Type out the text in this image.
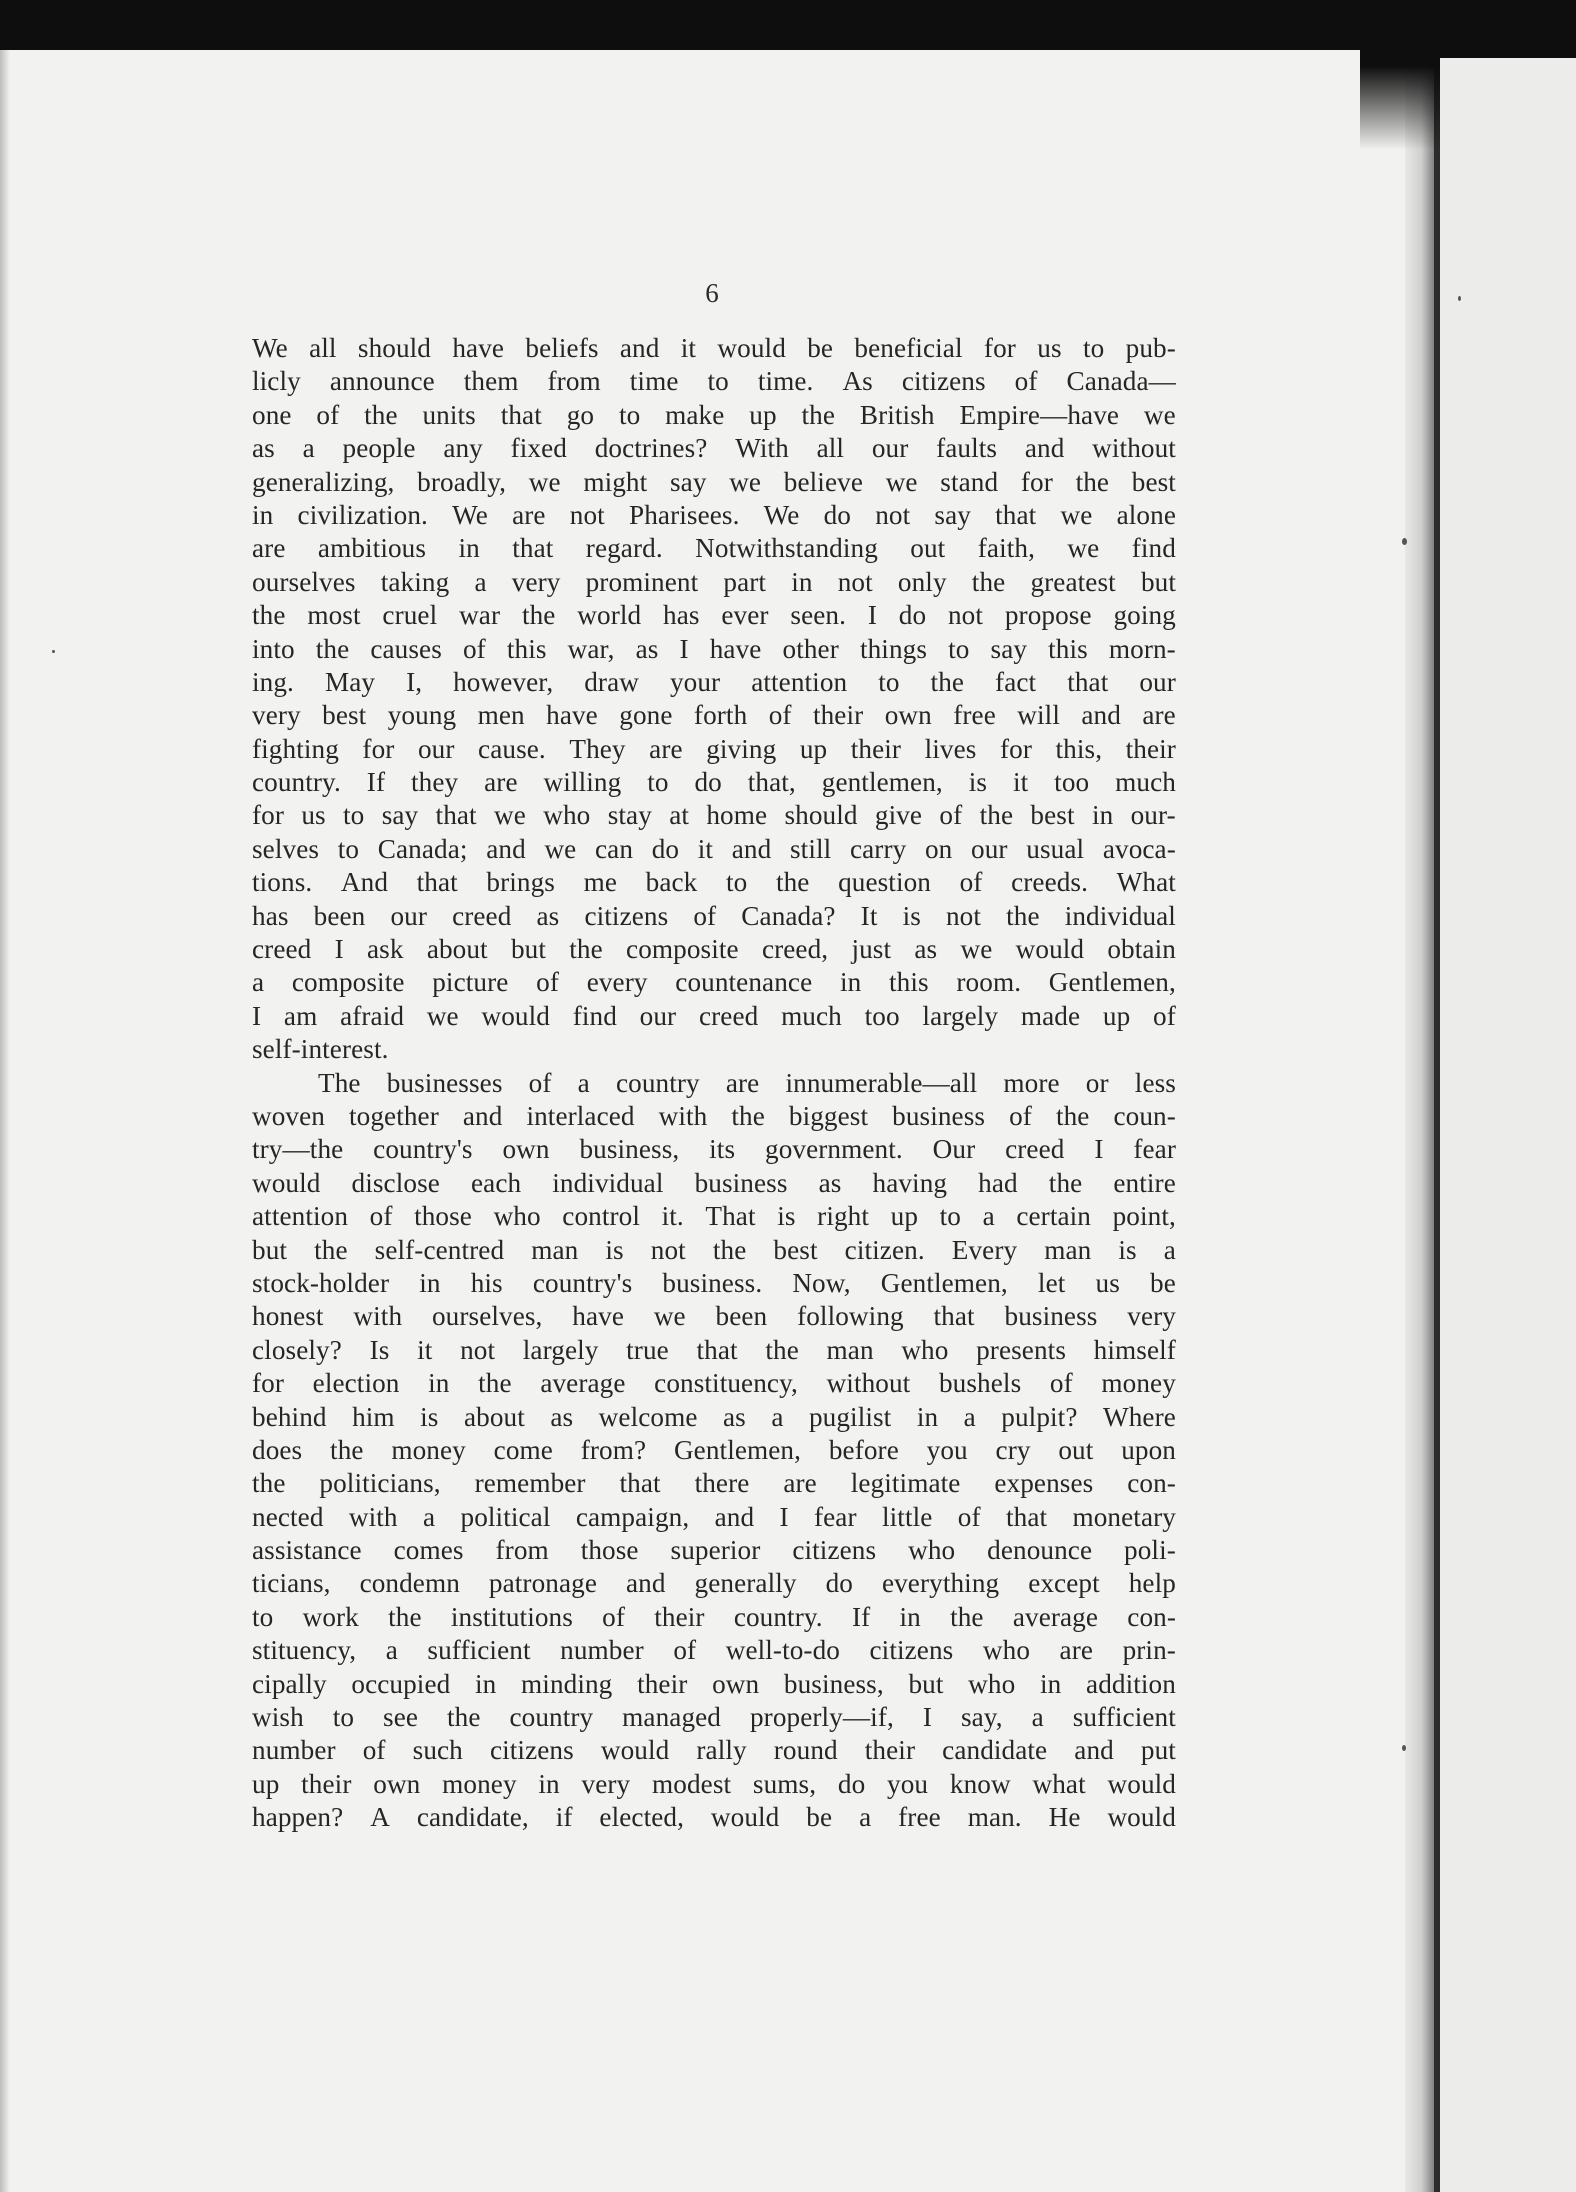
6
We all should have beliefs and it would be beneficial for us to pub-
licly announce them from time to time. As citizens of Canada—
one of the units that go to make up the British Empire—have we
as a people any fixed doctrines? With all our faults and without
generalizing, broadly, we might say we believe we stand for the best
in civilization. We are not Pharisees. We do not say that we alone
are ambitious in that regard. Notwithstanding out faith, we find
ourselves taking a very prominent part in not only the greatest but
the most cruel war the world has ever seen. I do not propose going
into the causes of this war, as I have other things to say this morn-
ing. May I, however, draw your attention to the fact that our
very best young men have gone forth of their own free will and are
fighting for our cause. They are giving up their lives for this, their
country. If they are willing to do that, gentlemen, is it too much
for us to say that we who stay at home should give of the best in our-
selves to Canada; and we can do it and still carry on our usual avoca-
tions. And that brings me back to the question of creeds. What
has been our creed as citizens of Canada? It is not the individual
creed I ask about but the composite creed, just as we would obtain
a composite picture of every countenance in this room. Gentlemen,
I am afraid we would find our creed much too largely made up of
self-interest.
The businesses of a country are innumerable—all more or less
woven together and interlaced with the biggest business of the coun-
try—the country's own business, its government. Our creed I fear
would disclose each individual business as having had the entire
attention of those who control it. That is right up to a certain point,
but the self-centred man is not the best citizen. Every man is a
stock-holder in his country's business. Now, Gentlemen, let us be
honest with ourselves, have we been following that business very
closely? Is it not largely true that the man who presents himself
for election in the average constituency, without bushels of money
behind him is about as welcome as a pugilist in a pulpit? Where
does the money come from? Gentlemen, before you cry out upon
the politicians, remember that there are legitimate expenses con-
nected with a political campaign, and I fear little of that monetary
assistance comes from those superior citizens who denounce poli-
ticians, condemn patronage and generally do everything except help
to work the institutions of their country. If in the average con-
stituency, a sufficient number of well-to-do citizens who are prin-
cipally occupied in minding their own business, but who in addition
wish to see the country managed properly—if, I say, a sufficient
number of such citizens would rally round their candidate and put
up their own money in very modest sums, do you know what would
happen? A candidate, if elected, would be a free man. He would
